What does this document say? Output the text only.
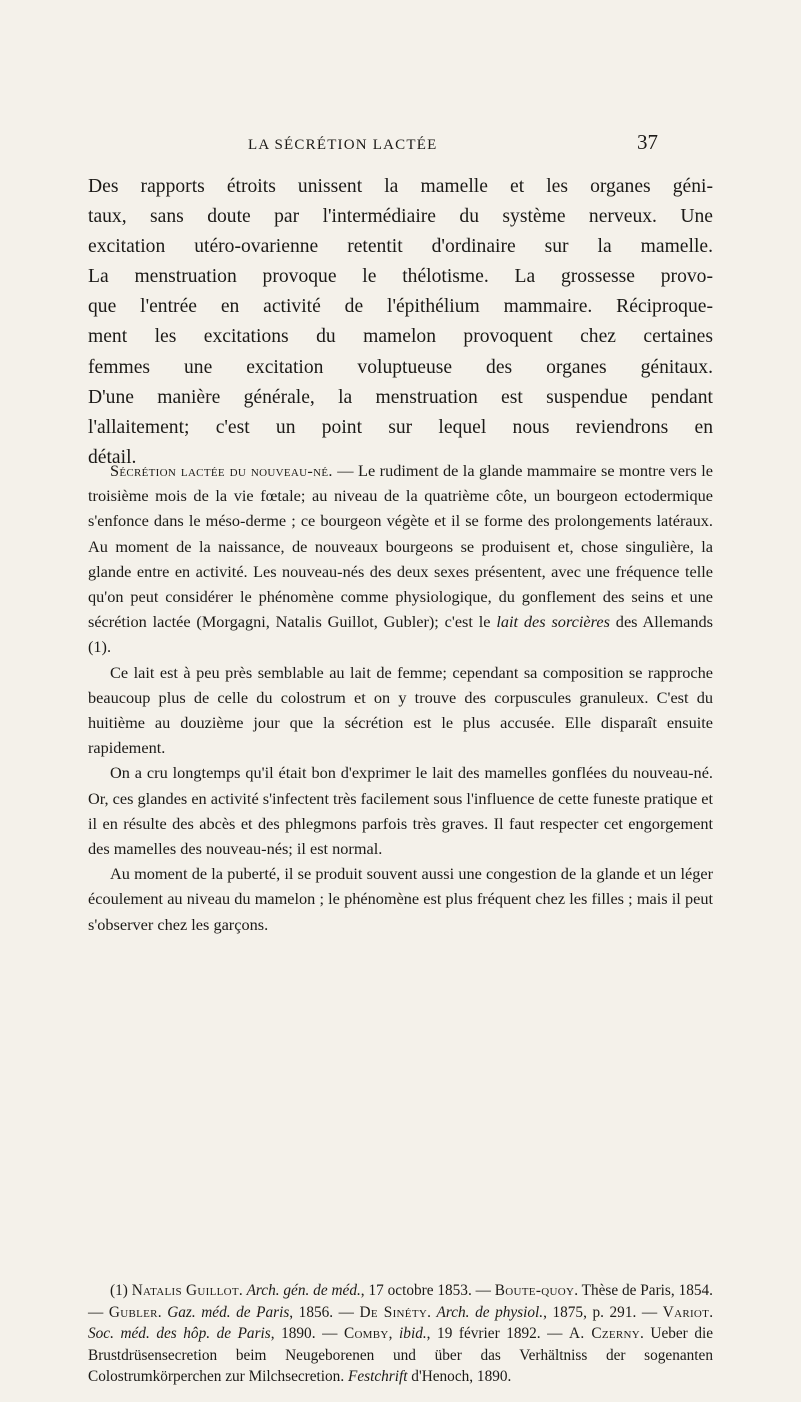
LA SÉCRÉTION LACTÉE	37
Des rapports étroits unissent la mamelle et les organes géni-
taux, sans doute par l'intermédiaire du système nerveux. Une
excitation utéro-ovarienne retentit d'ordinaire sur la mamelle.
La menstruation provoque le thélotisme. La grossesse provo-
que l'entrée en activité de l'épithélium mammaire. Réciproque-
ment les excitations du mamelon provoquent chez certaines
femmes une excitation voluptueuse des organes génitaux.
D'une manière générale, la menstruation est suspendue pendant
l'allaitement; c'est un point sur lequel nous reviendrons en
détail.
Sécrétion lactée du nouveau-né. — Le rudiment de la glande mammaire se montre vers le troisième mois de la vie fœtale; au niveau de la quatrième côte, un bourgeon ectodermique s'enfonce dans le méso-derme ; ce bourgeon végète et il se forme des prolongements latéraux. Au moment de la naissance, de nouveaux bourgeons se produisent et, chose singulière, la glande entre en activité. Les nouveau-nés des deux sexes présentent, avec une fréquence telle qu'on peut considérer le phénomène comme physiologique, du gonflement des seins et une sécrétion lactée (Morgagni, Natalis Guillot, Gubler); c'est le lait des sorcières des Allemands (1).
Ce lait est à peu près semblable au lait de femme; cependant sa composition se rapproche beaucoup plus de celle du colostrum et on y trouve des corpuscules granuleux. C'est du huitième au douzième jour que la sécrétion est le plus accusée. Elle disparaît ensuite rapidement.
On a cru longtemps qu'il était bon d'exprimer le lait des mamelles gonflées du nouveau-né. Or, ces glandes en activité s'infectent très facilement sous l'influence de cette funeste pratique et il en résulte des abcès et des phlegmons parfois très graves. Il faut respecter cet engorgement des mamelles des nouveau-nés; il est normal.
Au moment de la puberté, il se produit souvent aussi une congestion de la glande et un léger écoulement au niveau du mamelon ; le phénomène est plus fréquent chez les filles ; mais il peut s'observer chez les garçons.
(1) Natalis Guillot. Arch. gén. de méd., 17 octobre 1853. — Boute-quoy. Thèse de Paris, 1854. — Gubler. Gaz. méd. de Paris, 1856. — De Sinéty. Arch. de physiol., 1875, p. 291. — Variot. Soc. méd. des hôp. de Paris, 1890. — Comby, ibid., 19 février 1892. — A. Czerny. Ueber die Brustdrüsensecretion beim Neugeborenen und über das Verhältniss der sogenanten Colostrumkörperchen zur Milchsecretion. Festchrift d'Henoch, 1890.
